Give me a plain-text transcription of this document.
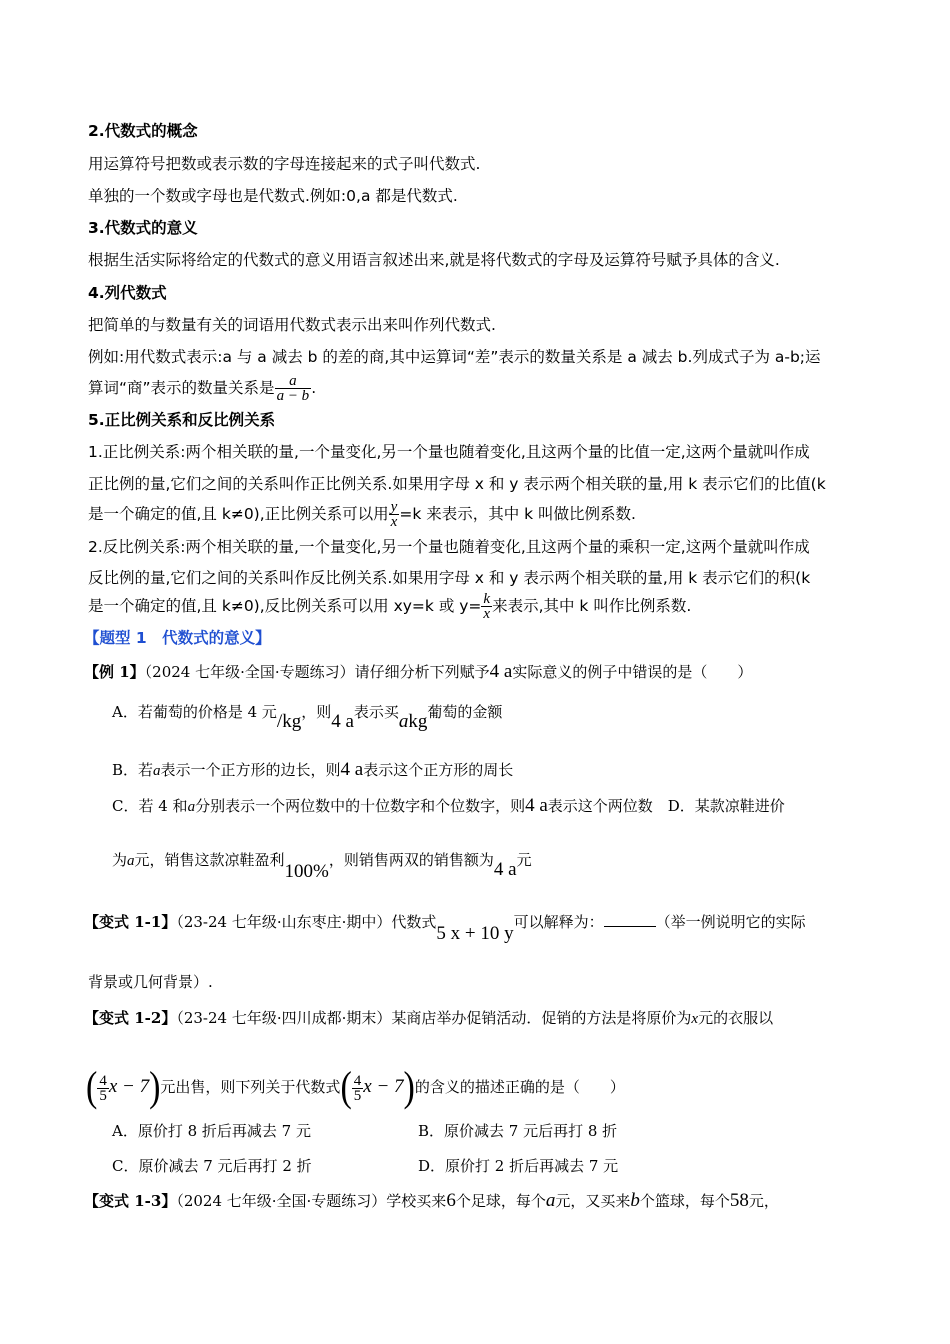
2.代数式的概念
用运算符号把数或表示数的字母连接起来的式子叫代数式.
单独的一个数或字母也是代数式.例如:0,a 都是代数式.
3.代数式的意义
根据生活实际将给定的代数式的意义用语言叙述出来,就是将代数式的字母及运算符号赋予具体的含义.
4.列代数式
把简单的与数量有关的词语用代数式表示出来叫作列代数式.
例如:用代数式表示:a 与 a 减去 b 的差的商,其中运算词“差”表示的数量关系是 a 减去 b.列成式子为 a-b;运
算词“商”表示的数量关系是 $\frac{a}{a - b}$ .
5.正比例关系和反比例关系
1.正比例关系:两个相关联的量,一个量变化,另一个量也随着变化,且这两个量的比值一定,这两个量就叫作成
正比例的量,它们之间的关系叫作正比例关系.如果用字母 x 和 y 表示两个相关联的量,用 k 表示它们的比值(k
是一个确定的值,且 k≠0),正比例关系可以用 $\frac{y}{x} =k$ 来表示，其中 k 叫做比例系数.
2.反比例关系:两个相关联的量,一个量变化,另一个量也随着变化,且这两个量的乘积一定,这两个量就叫作成
反比例的量,它们之间的关系叫作反比例关系.如果用字母 x 和 y 表示两个相关联的量,用 k 表示它们的积(k
是一个确定的值,且 k≠0),反比例关系可以用 xy=k 或 $y= \frac{k}{x}$ 来表示,其中 k 叫作比例系数.
【题型 1　代数式的意义】
【例 1】（2024 七年级·全国·专题练习）请仔细分析下列赋予4 a实际意义的例子中错误的是（　　）
A．若葡萄的价格是 4 元/kg，则4 a表示买akg葡萄的金额
B．若a表示一个正方形的边长，则4 a表示这个正方形的周长
C．若 4 和a分别表示一个两位数中的十位数字和个位数字，则4 a表示这个两位数　D．某款凉鞋进价
为a元，销售这款凉鞋盈利100%，则销售两双的销售额为4 a元
【变式 1-1】（23-24 七年级·山东枣庄·期中）代数式5 x + 10 y可以解释为：	（举一例说明它的实际
背景或几何背景）.
【变式 1-2】（23-24 七年级·四川成都·期末）某商店举办促销活动．促销的方法是将原价为x元的衣服以
( $\frac{4}{5}$ x − 7)元出售，则下列关于代数式( $\frac{4}{5}$ x − 7)的含义的描述正确的是（　　）
A．原价打 8 折后再减去 7 元	B．原价减去 7 元后再打 8 折
C．原价减去 7 元后再打 2 折	D．原价打 2 折后再减去 7 元
【变式 1-3】（2024 七年级·全国·专题练习）学校买来6个足球，每个a元，又买来b个篮球，每个58元，
